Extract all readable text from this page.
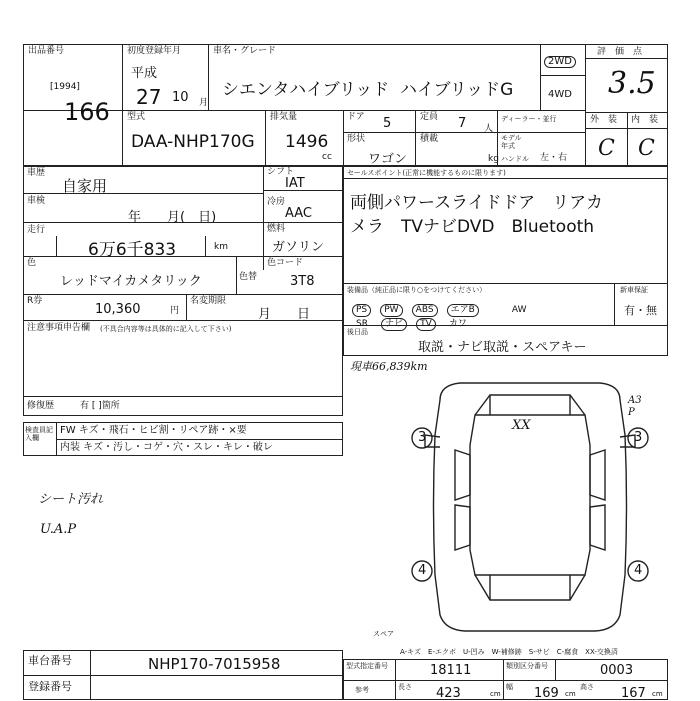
出品番号
[1994]
166
初度登録年月
平成
27 10 月
車名・グレード
シエンタハイブリッド ハイブリッドG
2WD
4WD
評　価　点
3.5
型式
DAA-NHP170G
排気量
1496
cc
ドア 5	定員 7 人
ディーラー・並行
形状
ワゴン
積載
kg
モデル年式
ハンドル 左・右
外　装 内　装
C C
車歴
自家用
車検
年　　月(　日)
走行
6万6千833	km
シフト
IAT
冷房
AAC
燃料
ガソリン
色
レッドマイカメタリック	色替
色コード
3T8
R券
10,360	円
名変期限
月　　日
注意事項申告欄 (不具合内容等は具体的に記入して下さい)
修復歴	有 [ ]箇所
検査員記入欄
FW キズ・飛石・ヒビ割・リペア跡・×要
内装 キズ・汚し・コゲ・穴・スレ・キレ・破レ
シート汚れ
U.A.P
セールスポイント(正常に機能するものに限ります)
両側パワースライドドア　リアカ
メラ　TVナビDVD　Bluetooth
装備品（純正品に限り○をつけてください）
PS PW ABS エアB	AW
SR ナビ TV カワ
新車保証
有・無
後日品
取説・ナビ取説・スペアキー
現車66,839km
3	3
4	4
XX
A3
P
スペア
A-キズ　E-エクボ　U-凹み　W-補修跡　S-サビ　C-腐食　XX-交換済
車台番号	NHP170-7015958
登録番号
型式指定番号	18111	類別区分番号	0003
参考	長さ 423	cm
幅 169 cm
高さ 167 cm
